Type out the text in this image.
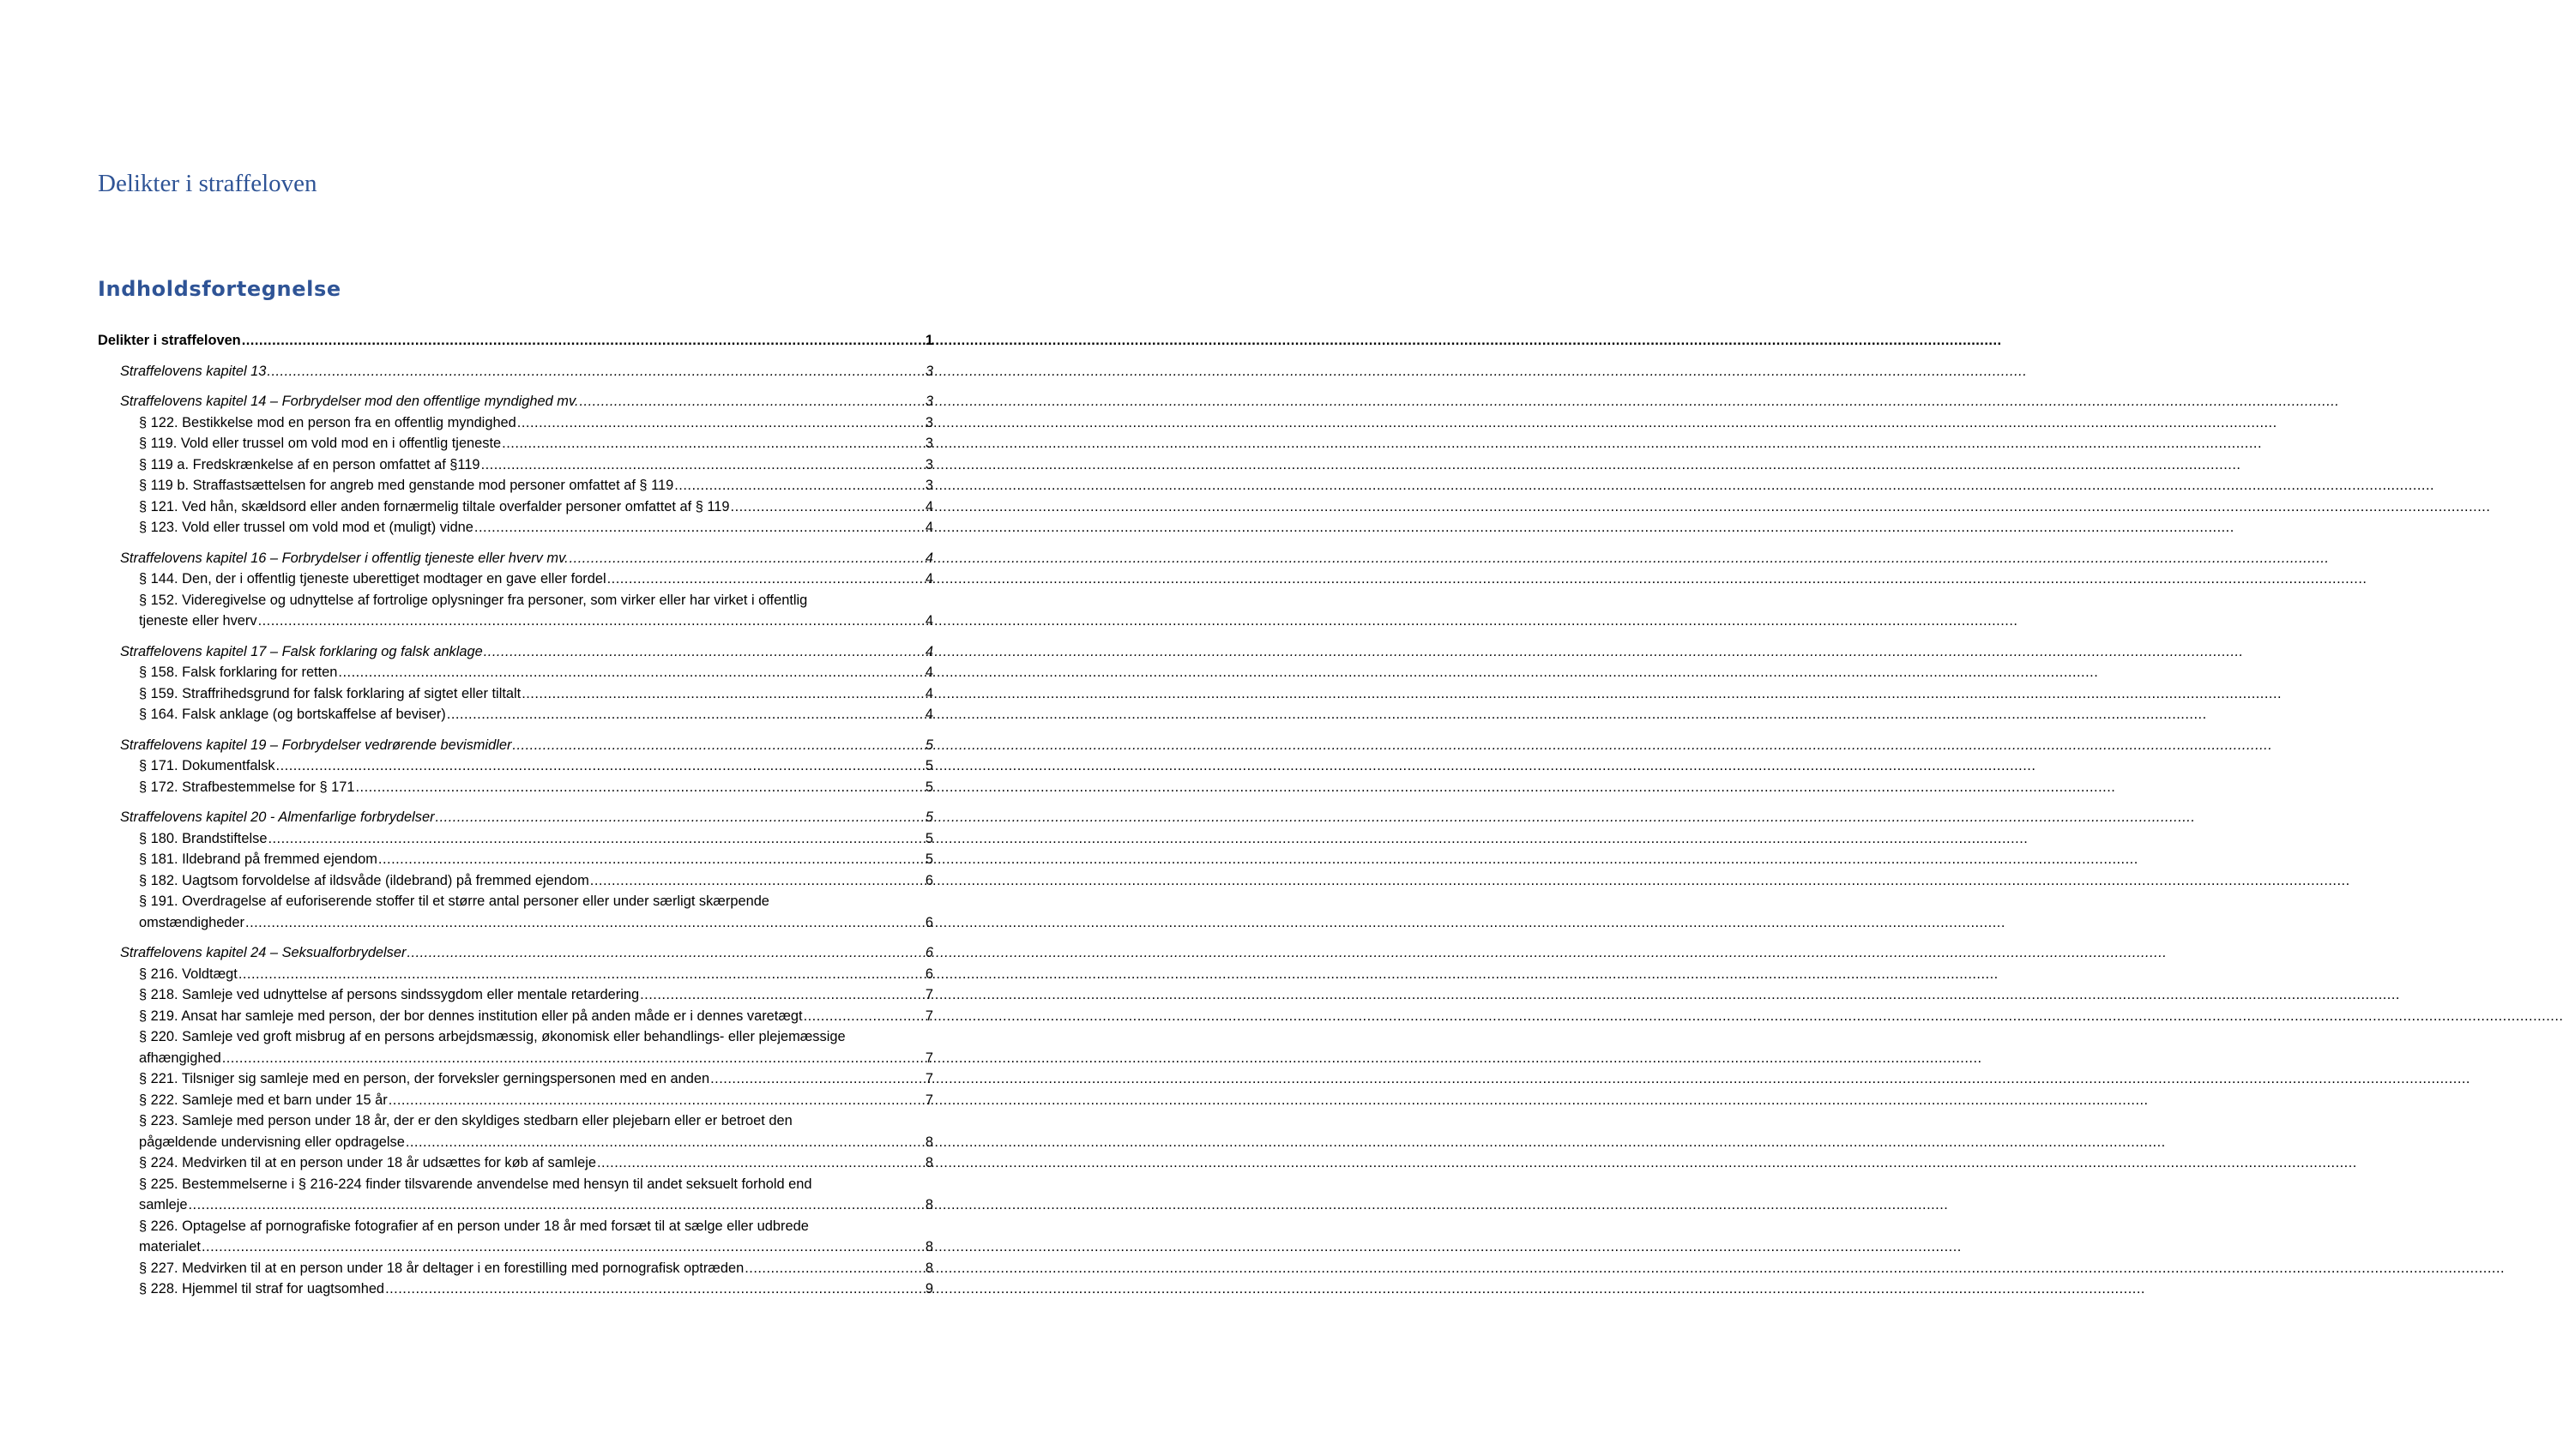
Delikter i straffeloven
Indholdsfortegnelse
Delikter i straffeloven .....	1
Straffelovens kapitel 13 .....	3
Straffelovens kapitel 14 – Forbrydelser mod den offentlige myndighed mv. .....	3
§ 122. Bestikkelse mod en person fra en offentlig myndighed .....	3
§ 119. Vold eller trussel om vold mod en i offentlig tjeneste .....	3
§ 119 a. Fredskrænkelse af en person omfattet af §119 .....	3
§ 119 b. Straffastsættelsen for angreb med genstande mod personer omfattet af § 119 .....	3
§ 121. Ved hån, skældsord eller anden fornærmelig tiltale overfalder personer omfattet af § 119 .....	4
§ 123. Vold eller trussel om vold mod et (muligt) vidne .....	4
Straffelovens kapitel 16 – Forbrydelser i offentlig tjeneste eller hverv mv. .....	4
§ 144. Den, der i offentlig tjeneste uberettiget modtager en gave eller fordel .....	4
§ 152. Videregivelse og udnyttelse af fortrolige oplysninger fra personer, som virker eller har virket i offentlig
tjeneste eller hverv .....	4
Straffelovens kapitel 17 – Falsk forklaring og falsk anklage .....	4
§ 158. Falsk forklaring for retten .....	4
§ 159. Straffrihedsgrund for falsk forklaring af sigtet eller tiltalt .....	4
§ 164. Falsk anklage (og bortskaffelse af beviser) .....	4
Straffelovens kapitel 19 – Forbrydelser vedrørende bevismidler .....	5
§ 171. Dokumentfalsk .....	5
§ 172. Strafbestemmelse for § 171 .....	5
Straffelovens kapitel 20 - Almenfarlige forbrydelser .....	5
§ 180. Brandstiftelse .....	5
§ 181. Ildebrand på fremmed ejendom .....	5
§ 182. Uagtsom forvoldelse af ildsvåde (ildebrand) på fremmed ejendom .....	6
§ 191. Overdragelse af euforiserende stoffer til et større antal personer eller under særligt skærpende
omstændigheder .....	6
Straffelovens kapitel 24 – Seksualforbrydelser .....	6
§ 216. Voldtægt .....	6
§ 218. Samleje ved udnyttelse af persons sindssygdom eller mentale retardering .....	7
§ 219. Ansat har samleje med person, der bor dennes institution eller på anden måde er i dennes varetægt .....	7
§ 220. Samleje ved groft misbrug af en persons arbejdsmæssig, økonomisk eller behandlings- eller plejemæssige
afhængighed .....	7
§ 221. Tilsniger sig samleje med en person, der forveksler gerningspersonen med en anden .....	7
§ 222. Samleje med et barn under 15 år .....	7
§ 223. Samleje med person under 18 år, der er den skyldiges stedbarn eller plejebarn eller er betroet den
pågældende undervisning eller opdragelse .....	8
§ 224. Medvirken til at en person under 18 år udsættes for køb af samleje .....	8
§ 225. Bestemmelserne i § 216-224 finder tilsvarende anvendelse med hensyn til andet seksuelt forhold end
samleje .....	8
§ 226. Optagelse af pornografiske fotografier af en person under 18 år med forsæt til at sælge eller udbrede
materialet .....	8
§ 227. Medvirken til at en person under 18 år deltager i en forestilling med pornografisk optræden .....	8
§ 228. Hjemmel til straf for uagtsomhed .....	9
